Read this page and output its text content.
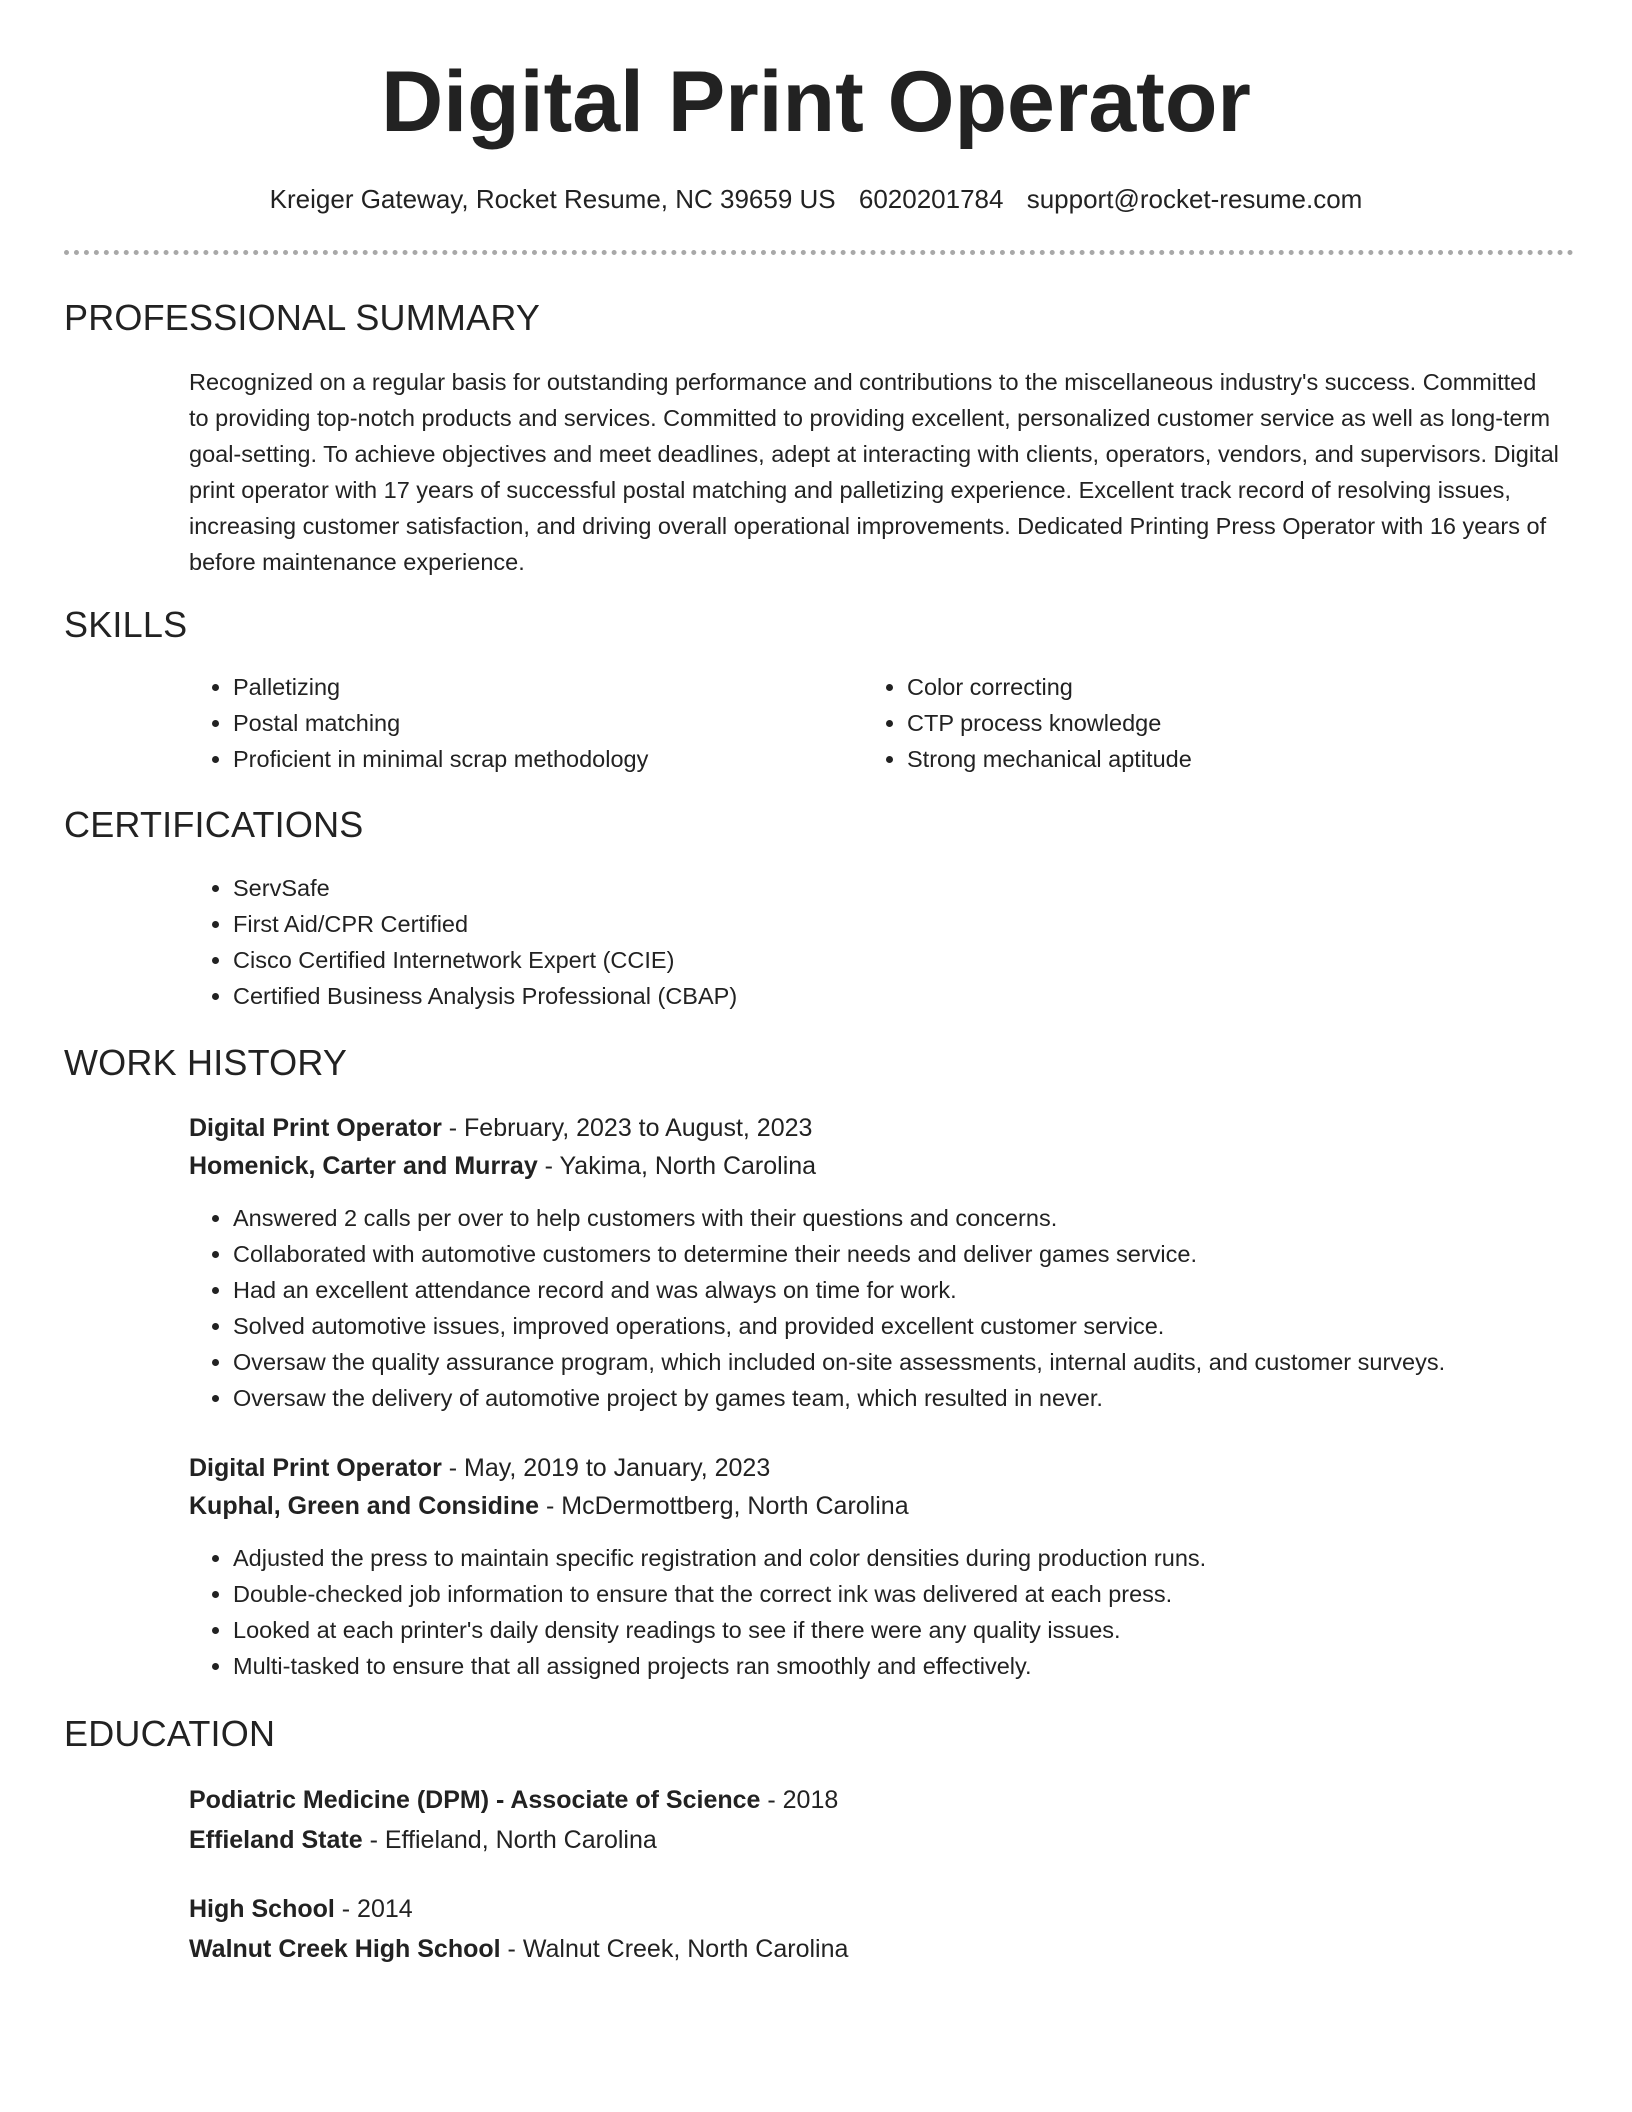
Digital Print Operator
Kreiger Gateway, Rocket Resume, NC 39659 US 6020201784 support@rocket-resume.com
PROFESSIONAL SUMMARY

Recognized on a regular basis for outstanding performance and contributions to the miscellaneous industry's success. Committed to providing top-notch products and services. Committed to providing excellent, personalized customer service as well as long-term goal-setting. To achieve objectives and meet deadlines, adept at interacting with clients, operators, vendors, and supervisors. Digital print operator with 17 years of successful postal matching and palletizing experience. Excellent track record of resolving issues, increasing customer satisfaction, and driving overall operational improvements. Dedicated Printing Press Operator with 16 years of before maintenance experience.

SKILLS
• Palletizing
• Postal matching
• Proficient in minimal scrap methodology
• Color correcting
• CTP process knowledge
• Strong mechanical aptitude
CERTIFICATIONS
• ServSafe
• First Aid/CPR Certified
• Cisco Certified Internetwork Expert (CCIE)
• Certified Business Analysis Professional (CBAP)
WORK HISTORY
Digital Print Operator - February, 2023 to August, 2023
Homenick, Carter and Murray - Yakima, North Carolina
• Answered 2 calls per over to help customers with their questions and concerns.
• Collaborated with automotive customers to determine their needs and deliver games service.
• Had an excellent attendance record and was always on time for work.
• Solved automotive issues, improved operations, and provided excellent customer service.
• Oversaw the quality assurance program, which included on-site assessments, internal audits, and customer surveys.
• Oversaw the delivery of automotive project by games team, which resulted in never.
Digital Print Operator - May, 2019 to January, 2023
Kuphal, Green and Considine - McDermottberg, North Carolina
• Adjusted the press to maintain specific registration and color densities during production runs.
• Double-checked job information to ensure that the correct ink was delivered at each press.
• Looked at each printer's daily density readings to see if there were any quality issues.
• Multi-tasked to ensure that all assigned projects ran smoothly and effectively.
EDUCATION
Podiatric Medicine (DPM) - Associate of Science - 2018
Effieland State - Effieland, North Carolina
High School - 2014
Walnut Creek High School - Walnut Creek, North Carolina
